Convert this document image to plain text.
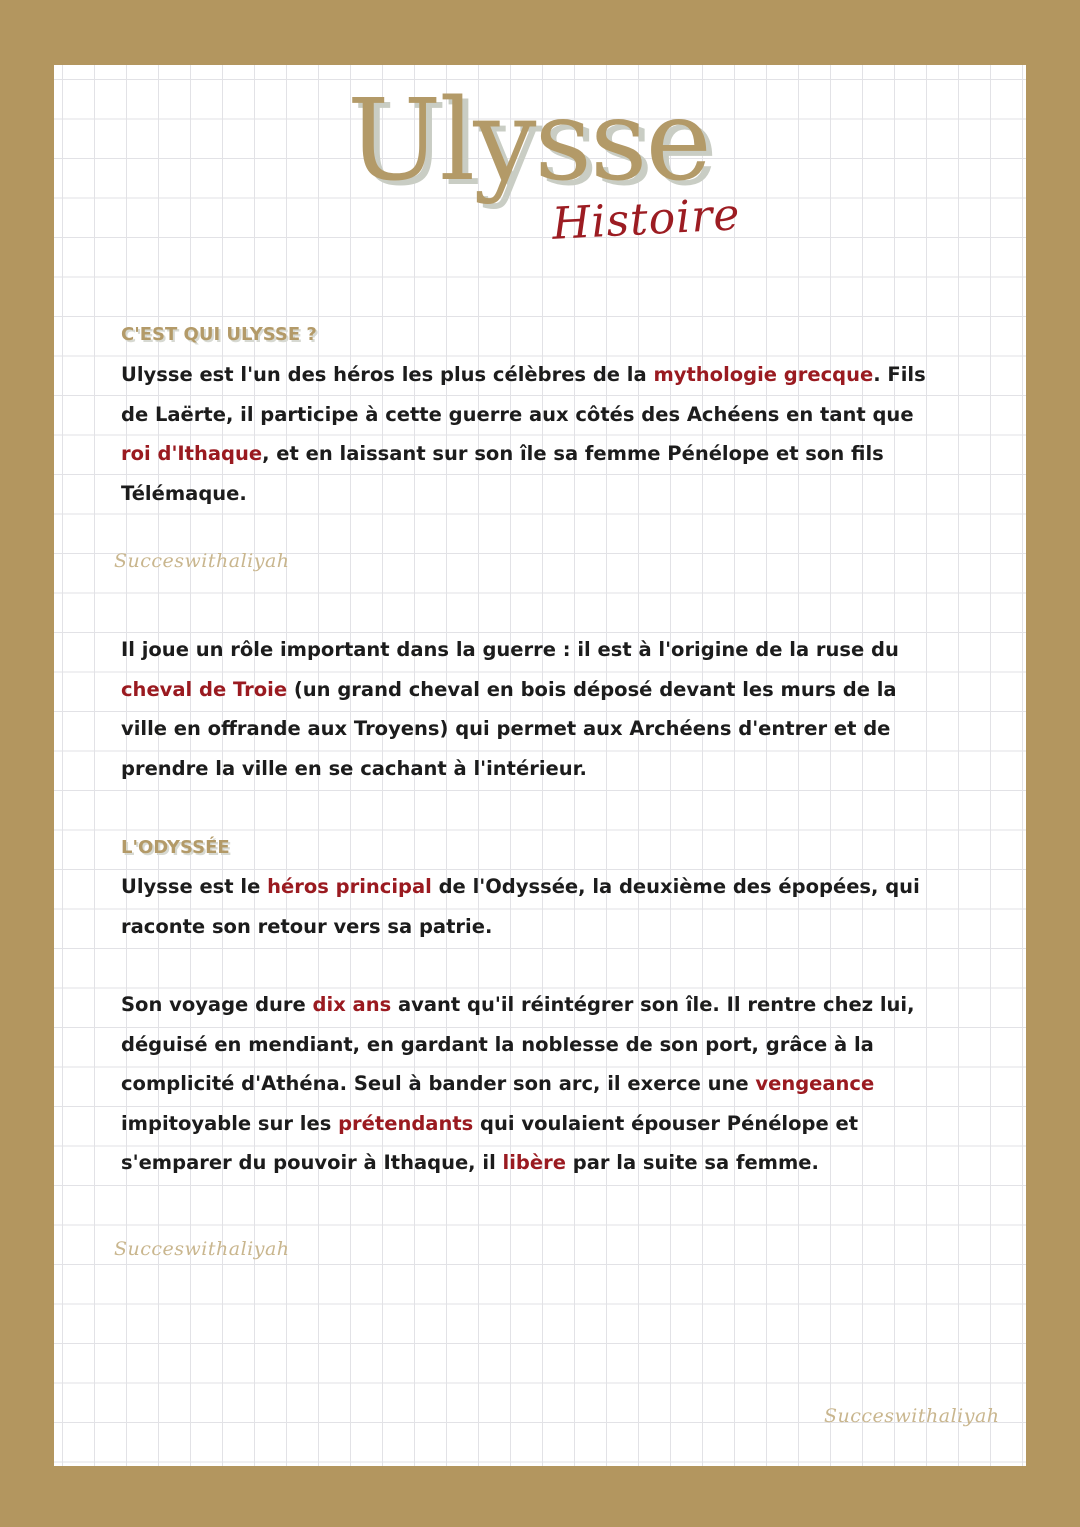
Ulysse
Histoire
C'EST QUI ULYSSE ?
Ulysse est l'un des héros les plus célèbres de la mythologie grecque. Fils
de Laërte, il participe à cette guerre aux côtés des Achéens en tant que
roi d'Ithaque, et en laissant sur son île sa femme Pénélope et son fils
Télémaque.
Succeswithaliyah
Il joue un rôle important dans la guerre : il est à l'origine de la ruse du
cheval de Troie (un grand cheval en bois déposé devant les murs de la
ville en offrande aux Troyens) qui permet aux Archéens d'entrer et de
prendre la ville en se cachant à l'intérieur.
L'ODYSSÉE
Ulysse est le héros principal de l'Odyssée, la deuxième des épopées, qui
raconte son retour vers sa patrie.
Son voyage dure dix ans avant qu'il réintégrer son île. Il rentre chez lui,
déguisé en mendiant, en gardant la noblesse de son port, grâce à la
complicité d'Athéna. Seul à bander son arc, il exerce une vengeance
impitoyable sur les prétendants qui voulaient épouser Pénélope et
s'emparer du pouvoir à Ithaque, il libère par la suite sa femme.
Succeswithaliyah
Succeswithaliyah
